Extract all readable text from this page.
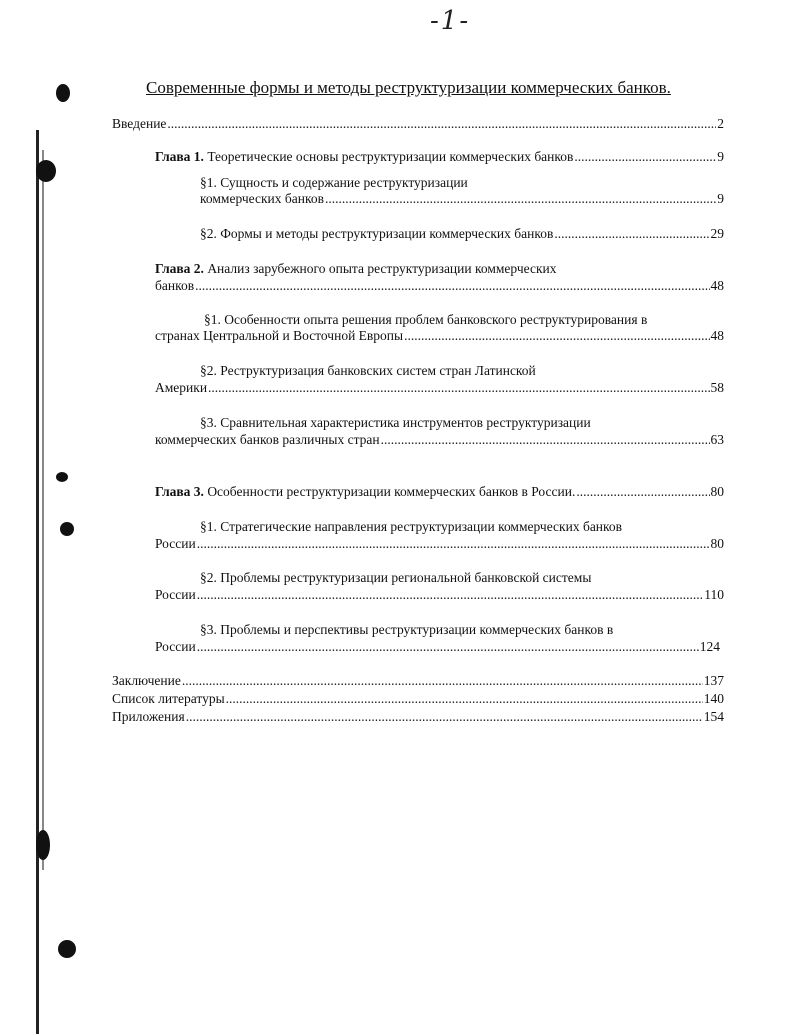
-1-
Современные формы и методы реструктуризации коммерческих банков.
Введение .....	2
Глава 1. Теоретические основы реструктуризации коммерческих банков .....	9
§1. Сущность и содержание реструктуризации
коммерческих банков .....	9
§2. Формы и методы реструктуризации коммерческих банков .....	29
Глава 2. Анализ зарубежного опыта реструктуризации коммерческих
банков .....	48
§1. Особенности опыта решения проблем банковского реструктурирования в
странах Центральной и Восточной Европы .....	48
§2. Реструктуризация банковских систем стран Латинской
Америки .....	58
§3. Сравнительная характеристика инструментов реструктуризации
коммерческих банков различных стран .....	63
Глава 3. Особенности реструктуризации коммерческих банков в России. .....	80
§1. Стратегические направления реструктуризации коммерческих банков
России .....	80
§2. Проблемы реструктуризации региональной банковской системы
России .....	110
§3. Проблемы и перспективы реструктуризации коммерческих банков в
России .....	124
Заключение .....	137
Список литературы .....	140
Приложения .....	154
